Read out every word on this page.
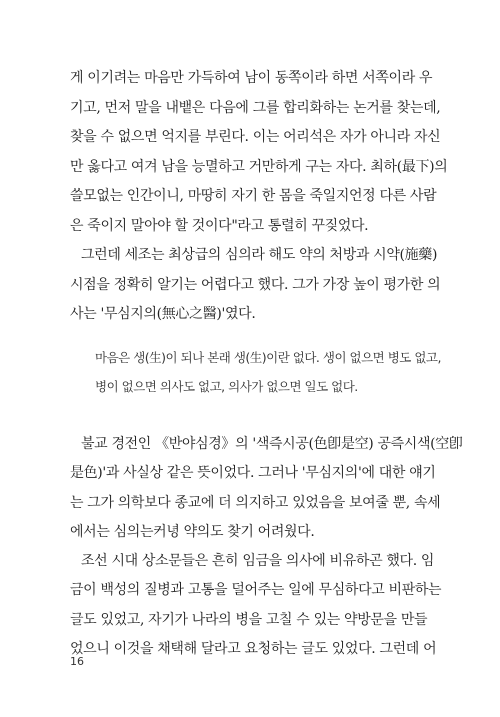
게 이기려는 마음만 가득하여 남이 동쪽이라 하면 서쪽이라 우
기고, 먼저 말을 내뱉은 다음에 그를 합리화하는 논거를 찾는데,
찾을 수 없으면 억지를 부린다. 이는 어리석은 자가 아니라 자신
만 옳다고 여겨 남을 능멸하고 거만하게 구는 자다. 최하(最下)의
쓸모없는 인간이니, 마땅히 자기 한 몸을 죽일지언정 다른 사람
은 죽이지 말아야 할 것이다"라고 통렬히 꾸짖었다.
그런데 세조는 최상급의 심의라 해도 약의 처방과 시약(施藥)
시점을 정확히 알기는 어렵다고 했다. 그가 가장 높이 평가한 의
사는 '무심지의(無心之醫)'였다.
마음은 생(生)이 되나 본래 생(生)이란 없다. 생이 없으면 병도 없고,
병이 없으면 의사도 없고, 의사가 없으면 일도 없다.
불교 경전인 《반야심경》의 '색즉시공(色卽是空) 공즉시색(空卽
是色)'과 사실상 같은 뜻이었다. 그러나 '무심지의'에 대한 얘기
는 그가 의학보다 종교에 더 의지하고 있었음을 보여줄 뿐, 속세
에서는 심의는커녕 약의도 찾기 어려웠다.
조선 시대 상소문들은 흔히 임금을 의사에 비유하곤 했다. 임
금이 백성의 질병과 고통을 덜어주는 일에 무심하다고 비판하는
글도 있었고, 자기가 나라의 병을 고칠 수 있는 약방문을 만들
었으니 이것을 채택해 달라고 요청하는 글도 있었다. 그런데 어
16
